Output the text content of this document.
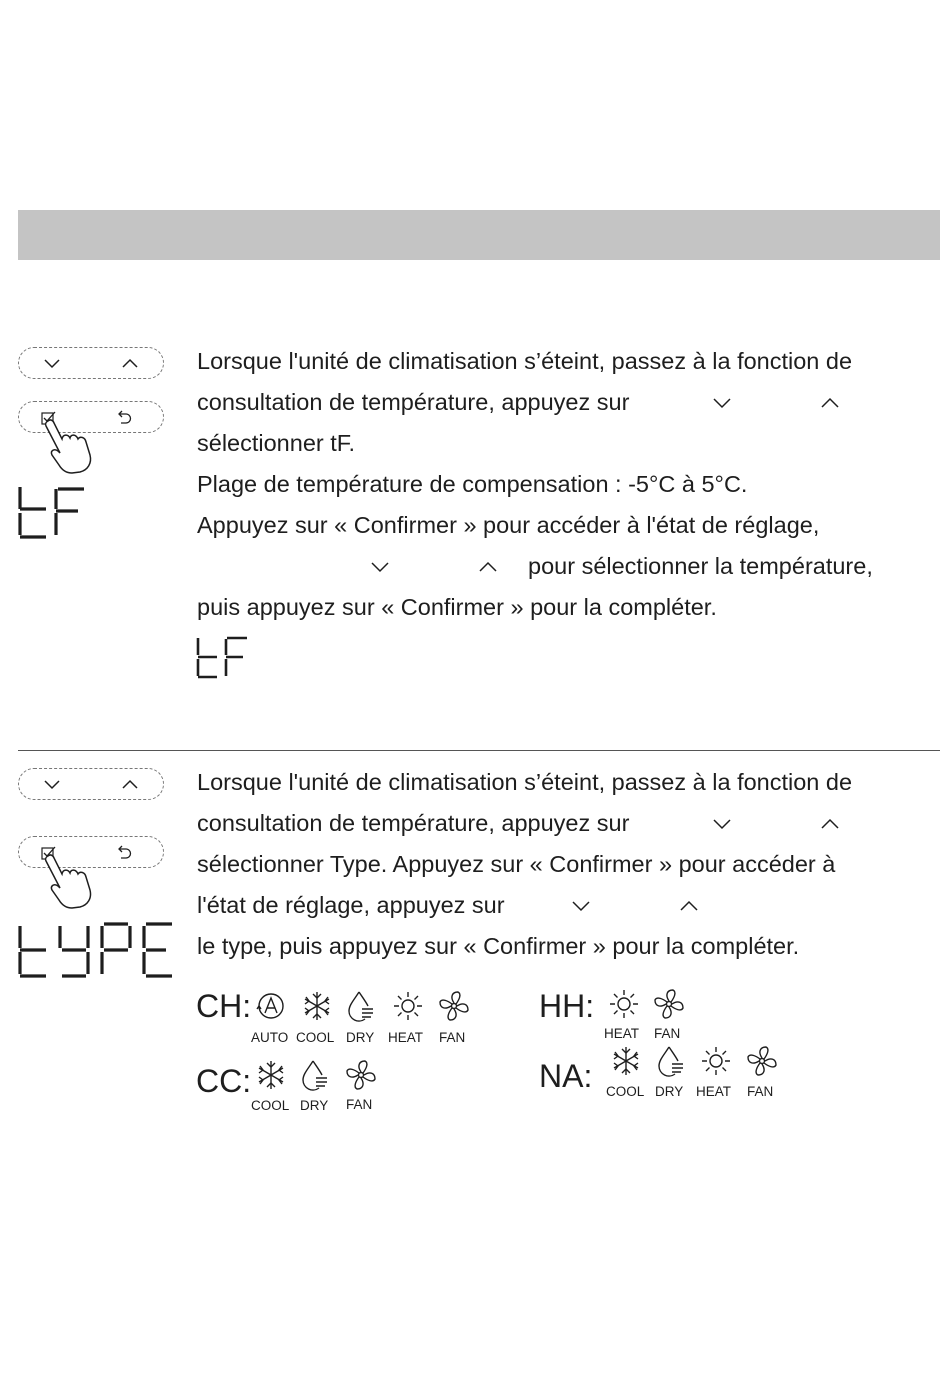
Lorsque l'unité de climatisation s’éteint, passez à la fonction de
consultation de température, appuyez sur
sélectionner tF.
Plage de température de compensation : -5°C à 5°C.
Appuyez sur « Confirmer » pour accéder à l'état de réglage,
pour sélectionner la température,
puis appuyez sur « Confirmer » pour la compléter.
Lorsque l'unité de climatisation s’éteint, passez à la fonction de
consultation de température, appuyez sur
sélectionner Type. Appuyez sur « Confirmer » pour accéder à
l'état de réglage, appuyez sur
le type, puis appuyez sur « Confirmer » pour la compléter.
CH:
AUTO COOL DRY HEAT FAN
CC:
COOL DRY FAN
HH:
HEAT FAN
NA: COOL DRY HEAT FAN
